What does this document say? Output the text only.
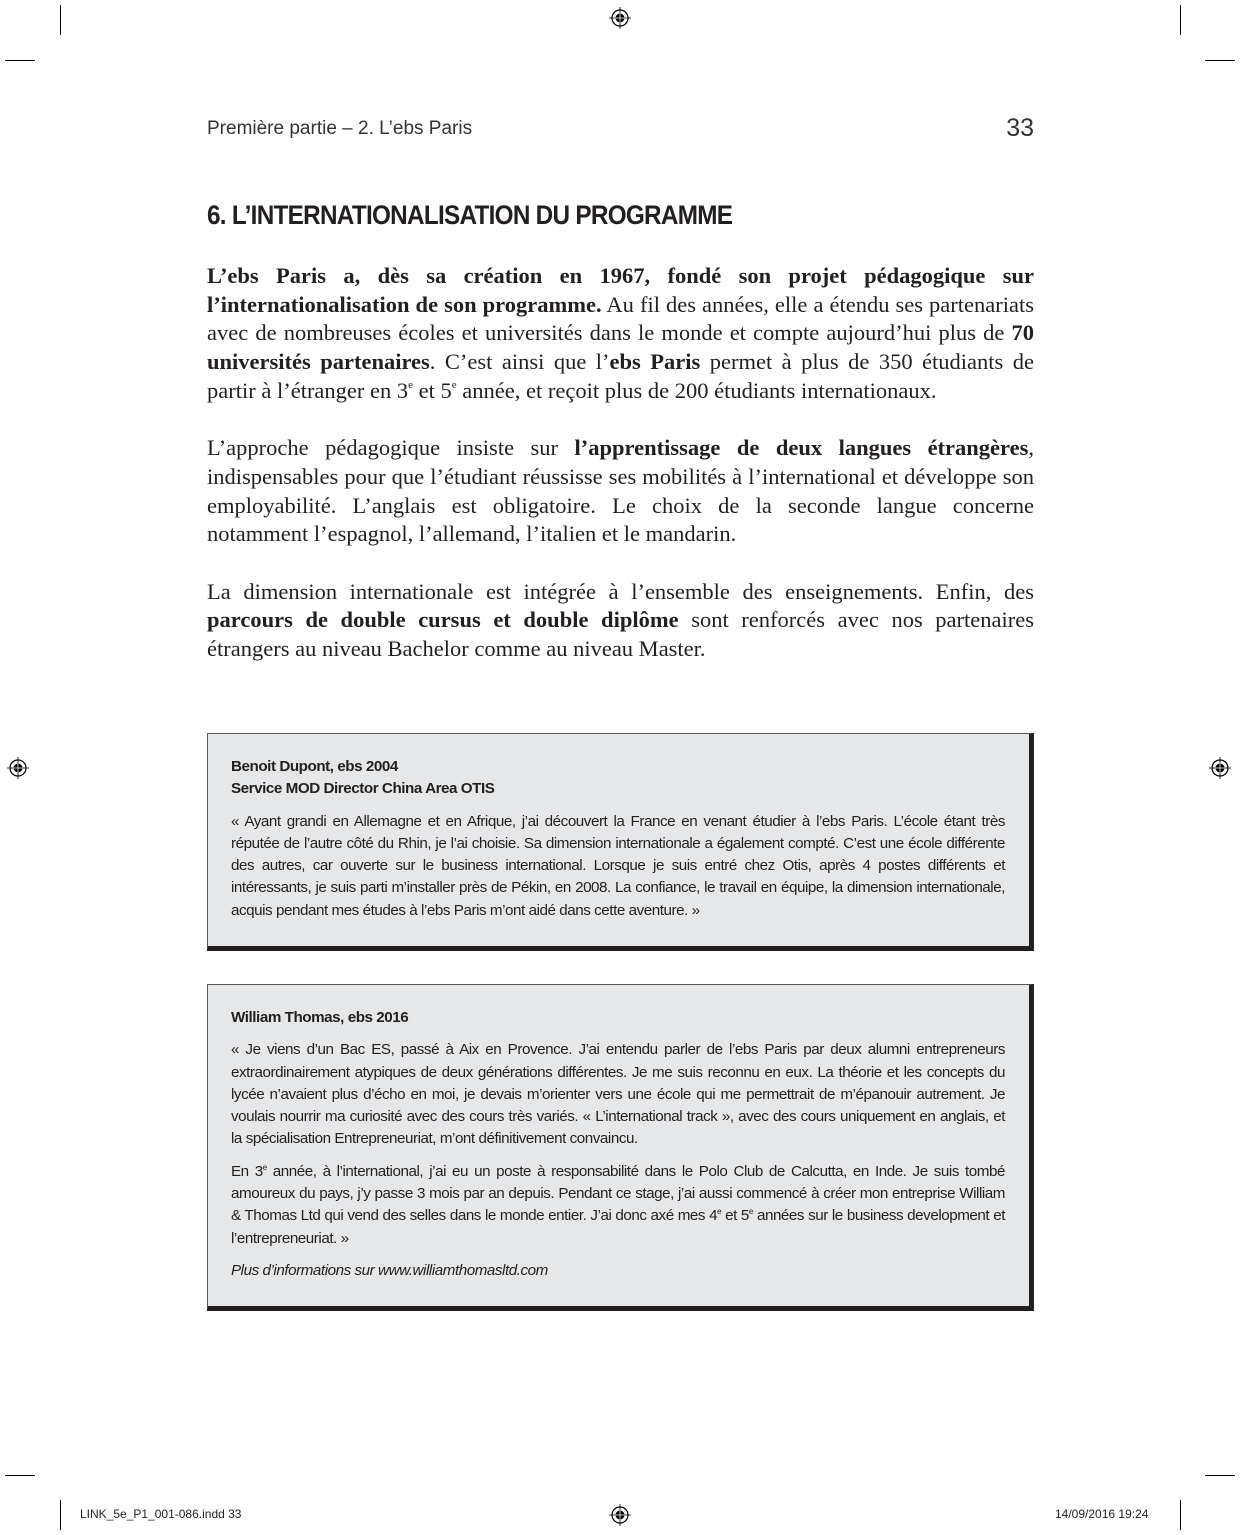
Première partie – 2. L’ebs Paris	33
6. L’INTERNATIONALISATION DU PROGRAMME

L’ebs Paris a, dès sa création en 1967, fondé son projet pédagogique sur l’internationalisation de son programme. Au fil des années, elle a étendu ses partenariats avec de nombreuses écoles et universités dans le monde et compte aujourd’hui plus de 70 universités partenaires. C’est ainsi que l’ebs Paris permet à plus de 350 étudiants de partir à l’étranger en 3e et 5e année, et reçoit plus de 200 étudiants internationaux.

L’approche pédagogique insiste sur l’apprentissage de deux langues étrangères, indispensables pour que l’étudiant réussisse ses mobilités à l’international et développe son employabilité. L’anglais est obligatoire. Le choix de la seconde langue concerne notamment l’espagnol, l’allemand, l’italien et le mandarin.

La dimension internationale est intégrée à l’ensemble des enseignements. Enfin, des parcours de double cursus et double diplôme sont renforcés avec nos partenaires étrangers au niveau Bachelor comme au niveau Master.

Benoit Dupont, ebs 2004
Service MOD Director China Area OTIS

« Ayant grandi en Allemagne et en Afrique, j’ai découvert la France en venant étudier à l’ebs Paris. L’école étant très réputée de l’autre côté du Rhin, je l’ai choisie. Sa dimension internationale a également compté. C’est une école différente des autres, car ouverte sur le business international. Lorsque je suis entré chez Otis, après 4 postes différents et intéressants, je suis parti m’installer près de Pékin, en 2008. La confiance, le travail en équipe, la dimension internationale, acquis pendant mes études à l’ebs Paris m’ont aidé dans cette aventure. »

William Thomas, ebs 2016

« Je viens d’un Bac ES, passé à Aix en Provence. J’ai entendu parler de l’ebs Paris par deux alumni entrepreneurs extraordinairement atypiques de deux générations différentes. Je me suis reconnu en eux. La théorie et les concepts du lycée n’avaient plus d’écho en moi, je devais m’orienter vers une école qui me permettrait de m’épanouir autrement. Je voulais nourrir ma curiosité avec des cours très variés. « L’international track », avec des cours uniquement en anglais, et la spécialisation Entrepreneuriat, m’ont définitivement convaincu.

En 3e année, à l’international, j’ai eu un poste à responsabilité dans le Polo Club de Calcutta, en Inde. Je suis tombé amoureux du pays, j’y passe 3 mois par an depuis. Pendant ce stage, j’ai aussi commencé à créer mon entreprise William & Thomas Ltd qui vend des selles dans le monde entier. J’ai donc axé mes 4e et 5e années sur le business development et l’entrepreneuriat. »

Plus d’informations sur www.williamthomasltd.com

LINK_5e_P1_001-086.indd 33	14/09/2016 19:24
